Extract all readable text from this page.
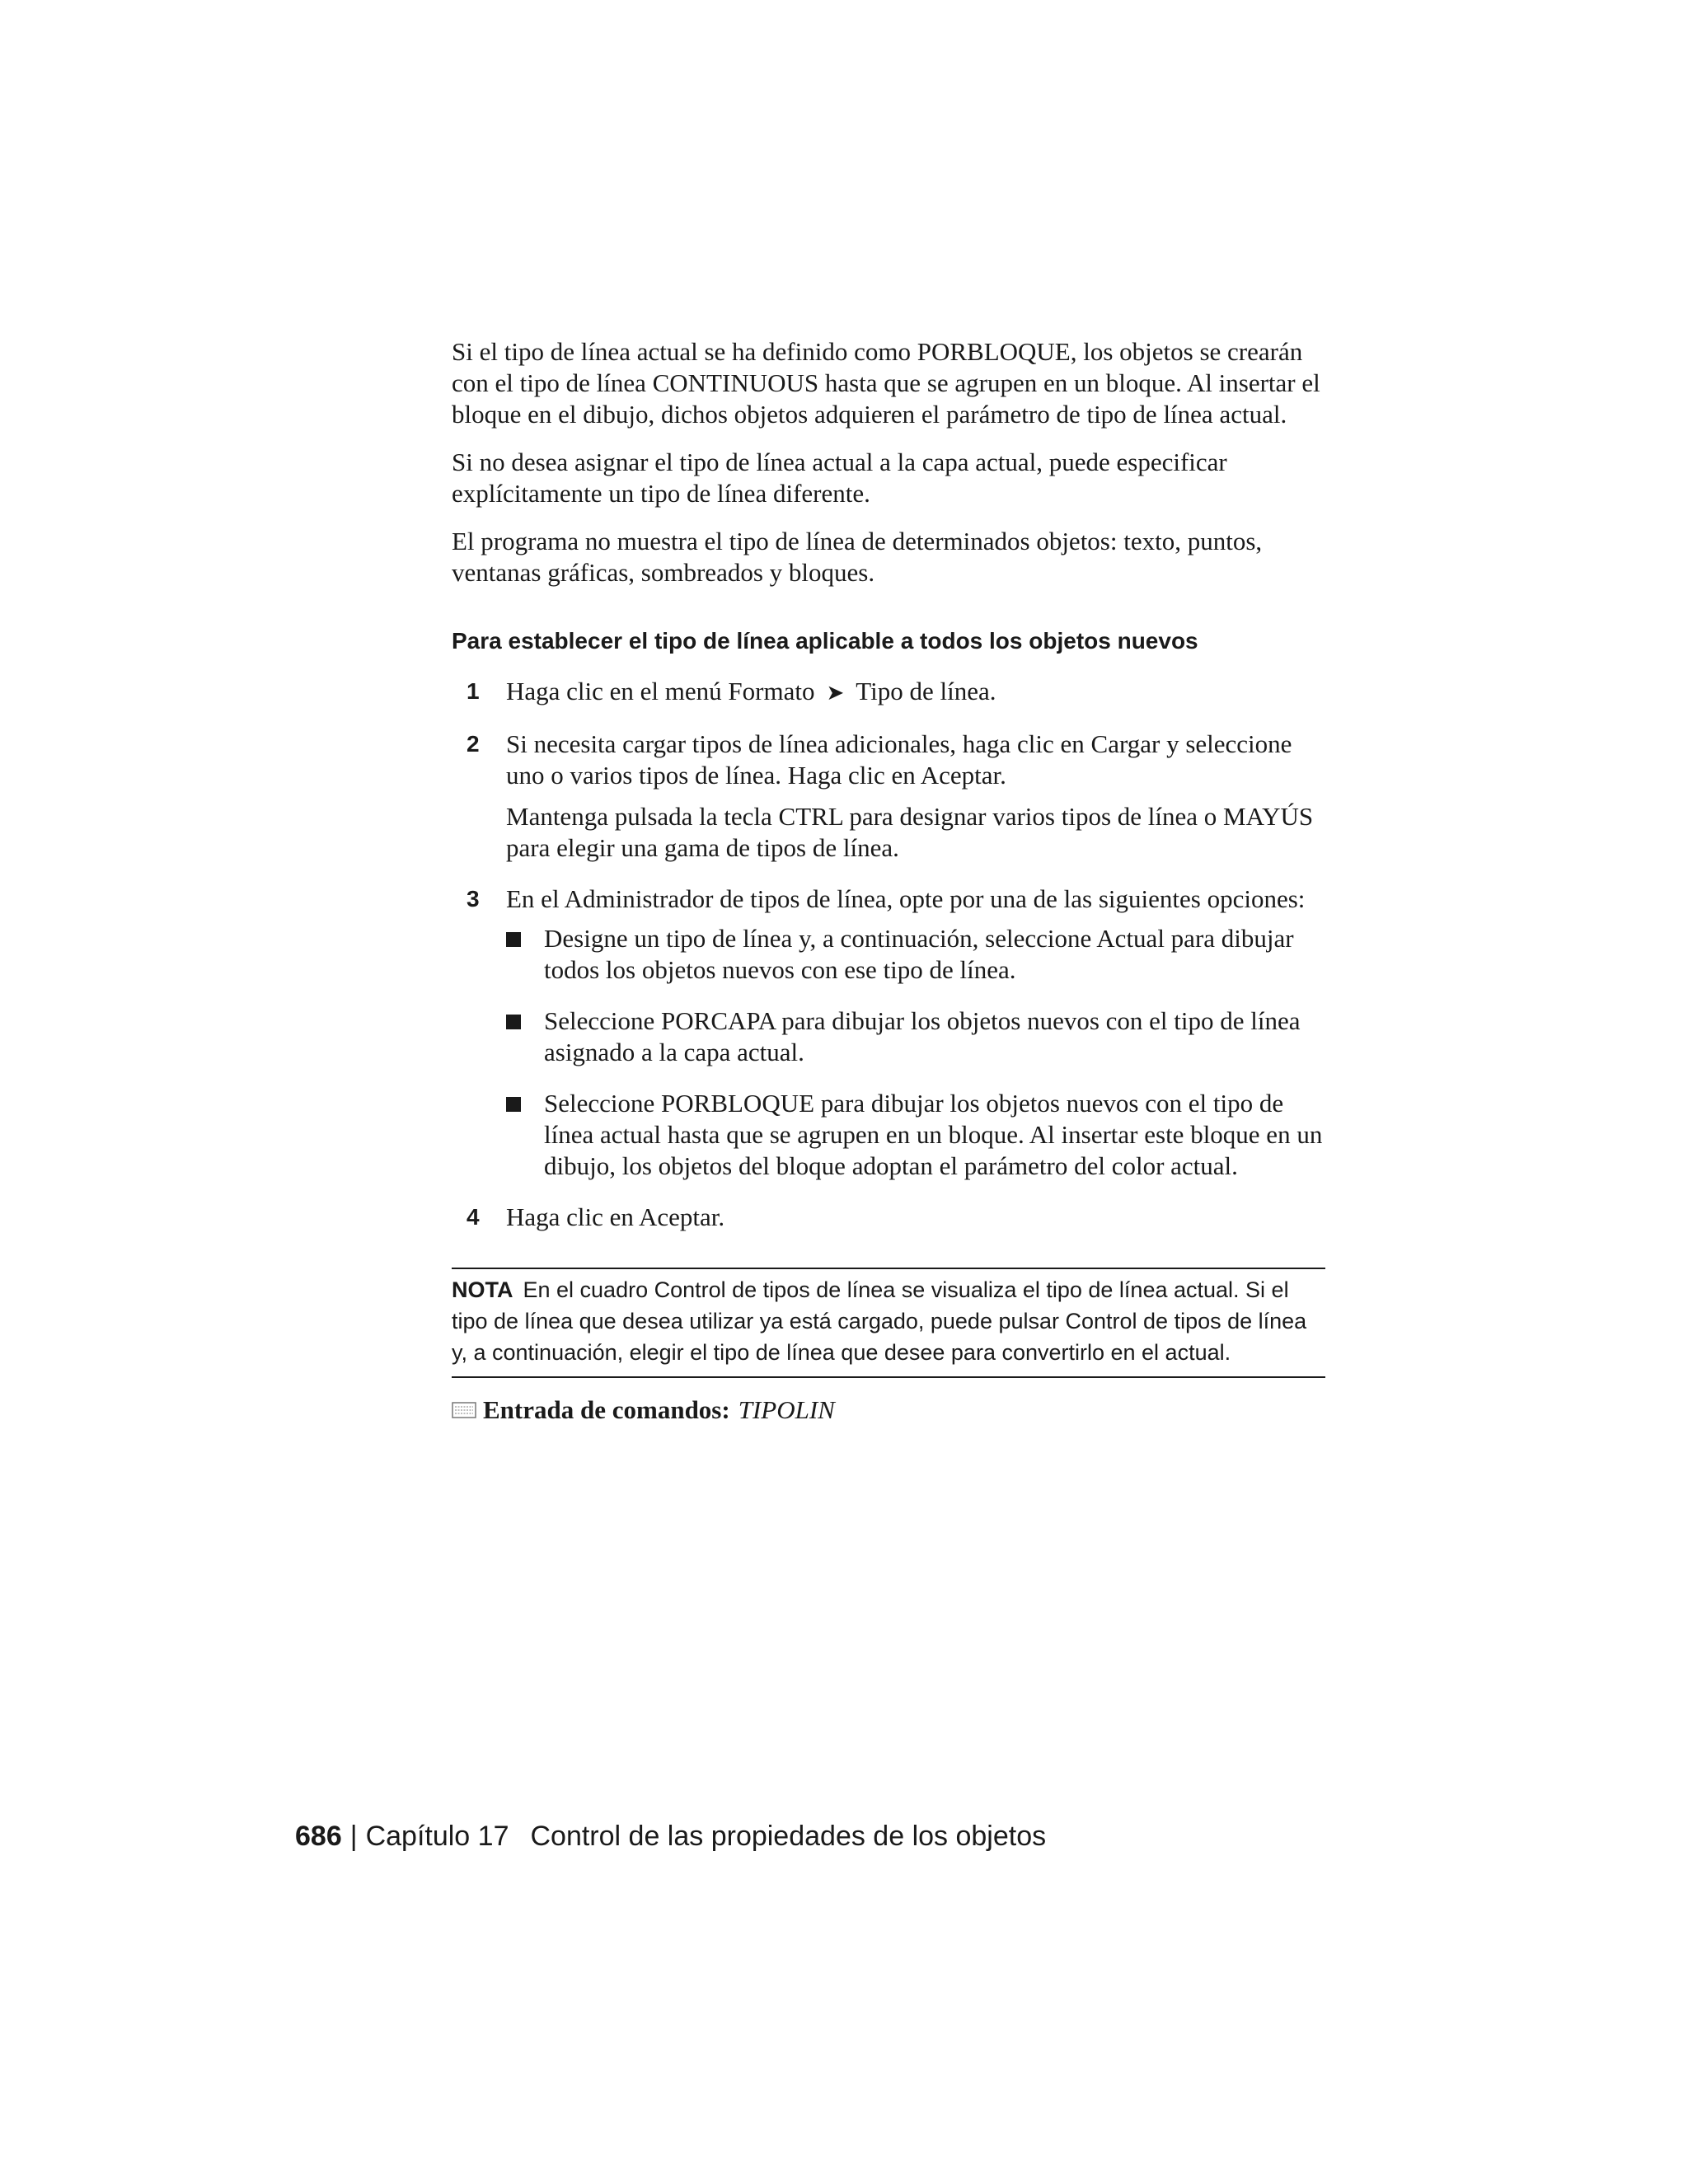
Si el tipo de línea actual se ha definido como PORBLOQUE, los objetos se crearán con el tipo de línea CONTINUOUS hasta que se agrupen en un bloque. Al insertar el bloque en el dibujo, dichos objetos adquieren el parámetro de tipo de línea actual.

Si no desea asignar el tipo de línea actual a la capa actual, puede especificar explícitamente un tipo de línea diferente.

El programa no muestra el tipo de línea de determinados objetos: texto, puntos, ventanas gráficas, sombreados y bloques.

Para establecer el tipo de línea aplicable a todos los objetos nuevos
1 Haga clic en el menú Formato ➤ Tipo de línea.

2 Si necesita cargar tipos de línea adicionales, haga clic en Cargar y seleccione uno o varios tipos de línea. Haga clic en Aceptar.

Mantenga pulsada la tecla CTRL para designar varios tipos de línea o MAYÚS para elegir una gama de tipos de línea.

3 En el Administrador de tipos de línea, opte por una de las siguientes opciones:

Designe un tipo de línea y, a continuación, seleccione Actual para dibujar todos los objetos nuevos con ese tipo de línea.
Seleccione PORCAPA para dibujar los objetos nuevos con el tipo de línea asignado a la capa actual.
Seleccione PORBLOQUE para dibujar los objetos nuevos con el tipo de línea actual hasta que se agrupen en un bloque. Al insertar este bloque en un dibujo, los objetos del bloque adoptan el parámetro del color actual.
4 Haga clic en Aceptar.

NOTA En el cuadro Control de tipos de línea se visualiza el tipo de línea actual. Si el tipo de línea que desea utilizar ya está cargado, puede pulsar Control de tipos de línea y, a continuación, elegir el tipo de línea que desee para convertirlo en el actual.
Entrada de comandos: TIPOLIN
686 | Capítulo 17 Control de las propiedades de los objetos
